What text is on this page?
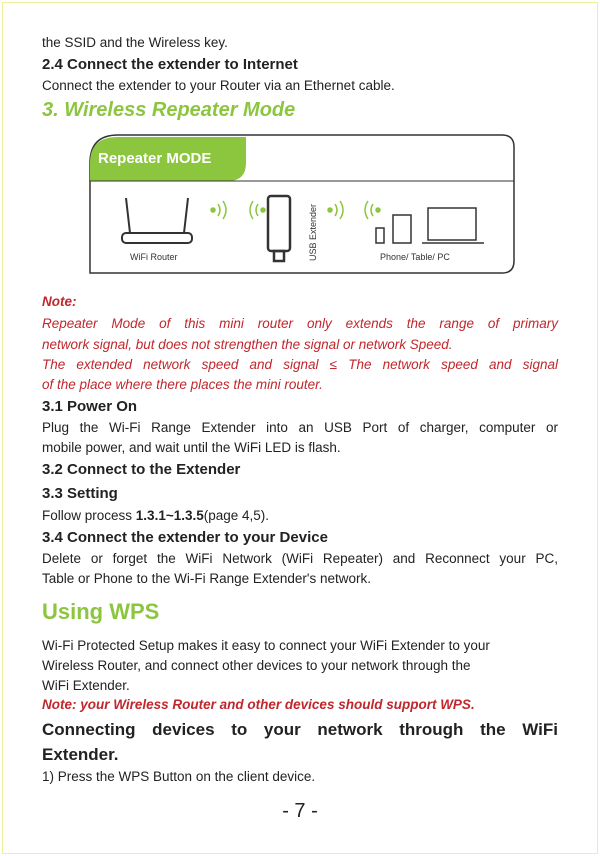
the SSID and the Wireless key.
2.4 Connect the extender to Internet
Connect the extender to your Router via an Ethernet cable.
3. Wireless Repeater Mode
Repeater MODE
WiFi Router	USB Extender	Phone/ Table/ PC
Note:
Repeater Mode of this mini router only extends the range of primary
network signal, but does not strengthen the signal or network Speed.
The extended network speed and signal ≤ The network speed and signal
of the place where there places the mini router.
3.1 Power On
Plug the Wi-Fi Range Extender into an USB Port of charger, computer or
mobile power, and wait until the WiFi LED is flash.
3.2 Connect to the Extender
3.3 Setting
Follow process 1.3.1~1.3.5(page 4,5).
3.4 Connect the extender to your Device
Delete or forget the WiFi Network (WiFi Repeater) and Reconnect your PC,
Table or Phone to the Wi-Fi Range Extender's network.
Using WPS
Wi-Fi Protected Setup makes it easy to connect your WiFi Extender to your
Wireless Router, and connect other devices to your network through the
WiFi Extender.
Note: your Wireless Router and other devices should support WPS.
Connecting devices to your network through the WiFi
Extender.
1) Press the WPS Button on the client device.
- 7 -
